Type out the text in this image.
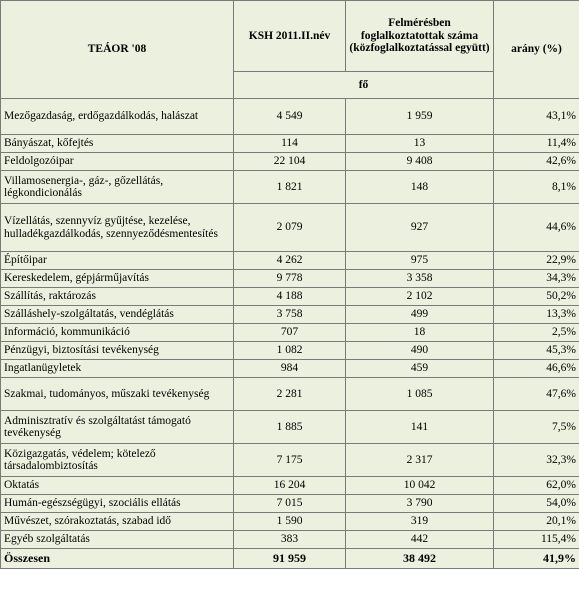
TEÁOR '08	KSH 2011.II.név	Felmérésben foglalkoztatottak száma (közfoglalkoztatással együtt)	arány (%)
	fő		
Mezőgazdaság, erdőgazdálkodás, halászat	4 549	1 959	43,1%
Bányászat, kőfejtés	114	13	11,4%
Feldolgozóipar	22 104	9 408	42,6%
Villamosenergia-, gáz-, gőzellátás, légkondicionálás	1 821	148	8,1%
Vízellátás, szennyvíz gyűjtése, kezelése, hulladékgazdálkodás, szennyeződésmentesítés	2 079	927	44,6%
Építőipar	4 262	975	22,9%
Kereskedelem, gépjárműjavítás	9 778	3 358	34,3%
Szállítás, raktározás	4 188	2 102	50,2%
Szálláshely-szolgáltatás, vendéglátás	3 758	499	13,3%
Információ, kommunikáció	707	18	2,5%
Pénzügyi, biztosítási tevékenység	1 082	490	45,3%
Ingatlanügyletek	984	459	46,6%
Szakmai, tudományos, műszaki tevékenység	2 281	1 085	47,6%
Adminisztratív és szolgáltatást támogató tevékenység	1 885	141	7,5%
Közigazgatás, védelem; kötelező társadalombiztosítás	7 175	2 317	32,3%
Oktatás	16 204	10 042	62,0%
Humán-egészségügyi, szociális ellátás	7 015	3 790	54,0%
Művészet, szórakoztatás, szabad idő	1 590	319	20,1%
Egyéb szolgáltatás	383	442	115,4%
Összesen	91 959	38 492	41,9%
